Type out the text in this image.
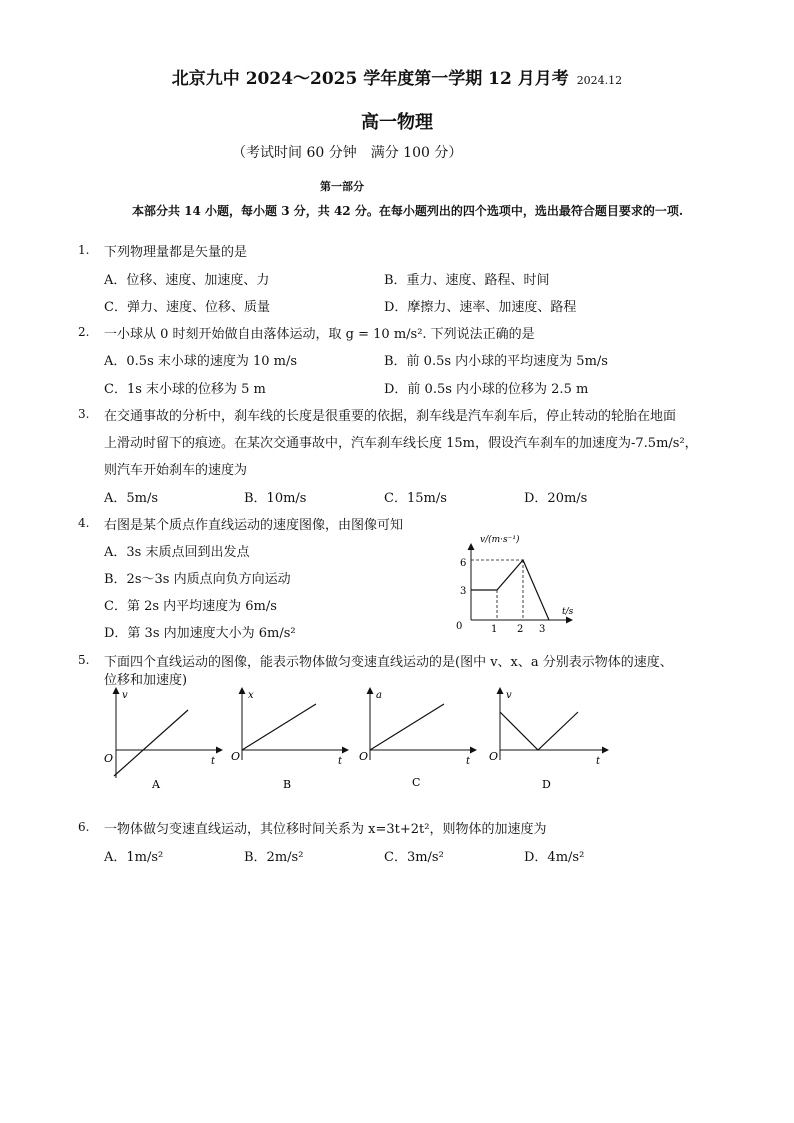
北京九中 2024～2025 学年度第一学期 12 月月考 2024.12
高一物理
（考试时间 60 分钟　满分 100 分）
第一部分
本部分共 14 小题，每小题 3 分，共 42 分。在每小题列出的四个选项中，选出最符合题目要求的一项.
1. 下列物理量都是矢量的是
A．位移、速度、加速度、力	B．重力、速度、路程、时间
C．弹力、速度、位移、质量	D．摩擦力、速率、加速度、路程
2. 一小球从 0 时刻开始做自由落体运动，取 g = 10 m/s². 下列说法正确的是
A．0.5s 末小球的速度为 10 m/s	B．前 0.5s 内小球的平均速度为 5m/s
C．1s 末小球的位移为 5 m	D．前 0.5s 内小球的位移为 2.5 m
3. 在交通事故的分析中，刹车线的长度是很重要的依据，刹车线是汽车刹车后，停止转动的轮胎在地面
上滑动时留下的痕迹。在某次交通事故中，汽车刹车线长度 15m，假设汽车刹车的加速度为-7.5m/s²，
则汽车开始刹车的速度为
A．5m/s	B．10m/s	C．15m/s	D．20m/s
4. 右图是某个质点作直线运动的速度图像，由图像可知
A．3s 末质点回到出发点
B．2s～3s 内质点向负方向运动
C．第 2s 内平均速度为 6m/s
D．第 3s 内加速度大小为 6m/s²
v/(m·s⁻¹)
t/s
6
3
0	1 2 3
5. 下面四个直线运动的图像，能表示物体做匀变速直线运动的是(图中 v、x、a 分别表示物体的速度、
位移和加速度)
v
t
O
A
x
t
O
B
a
t
O
C
v
t
O
D
6. 一物体做匀变速直线运动，其位移时间关系为 x=3t+2t²，则物体的加速度为
A．1m/s²	B．2m/s²	C．3m/s²	D．4m/s²
